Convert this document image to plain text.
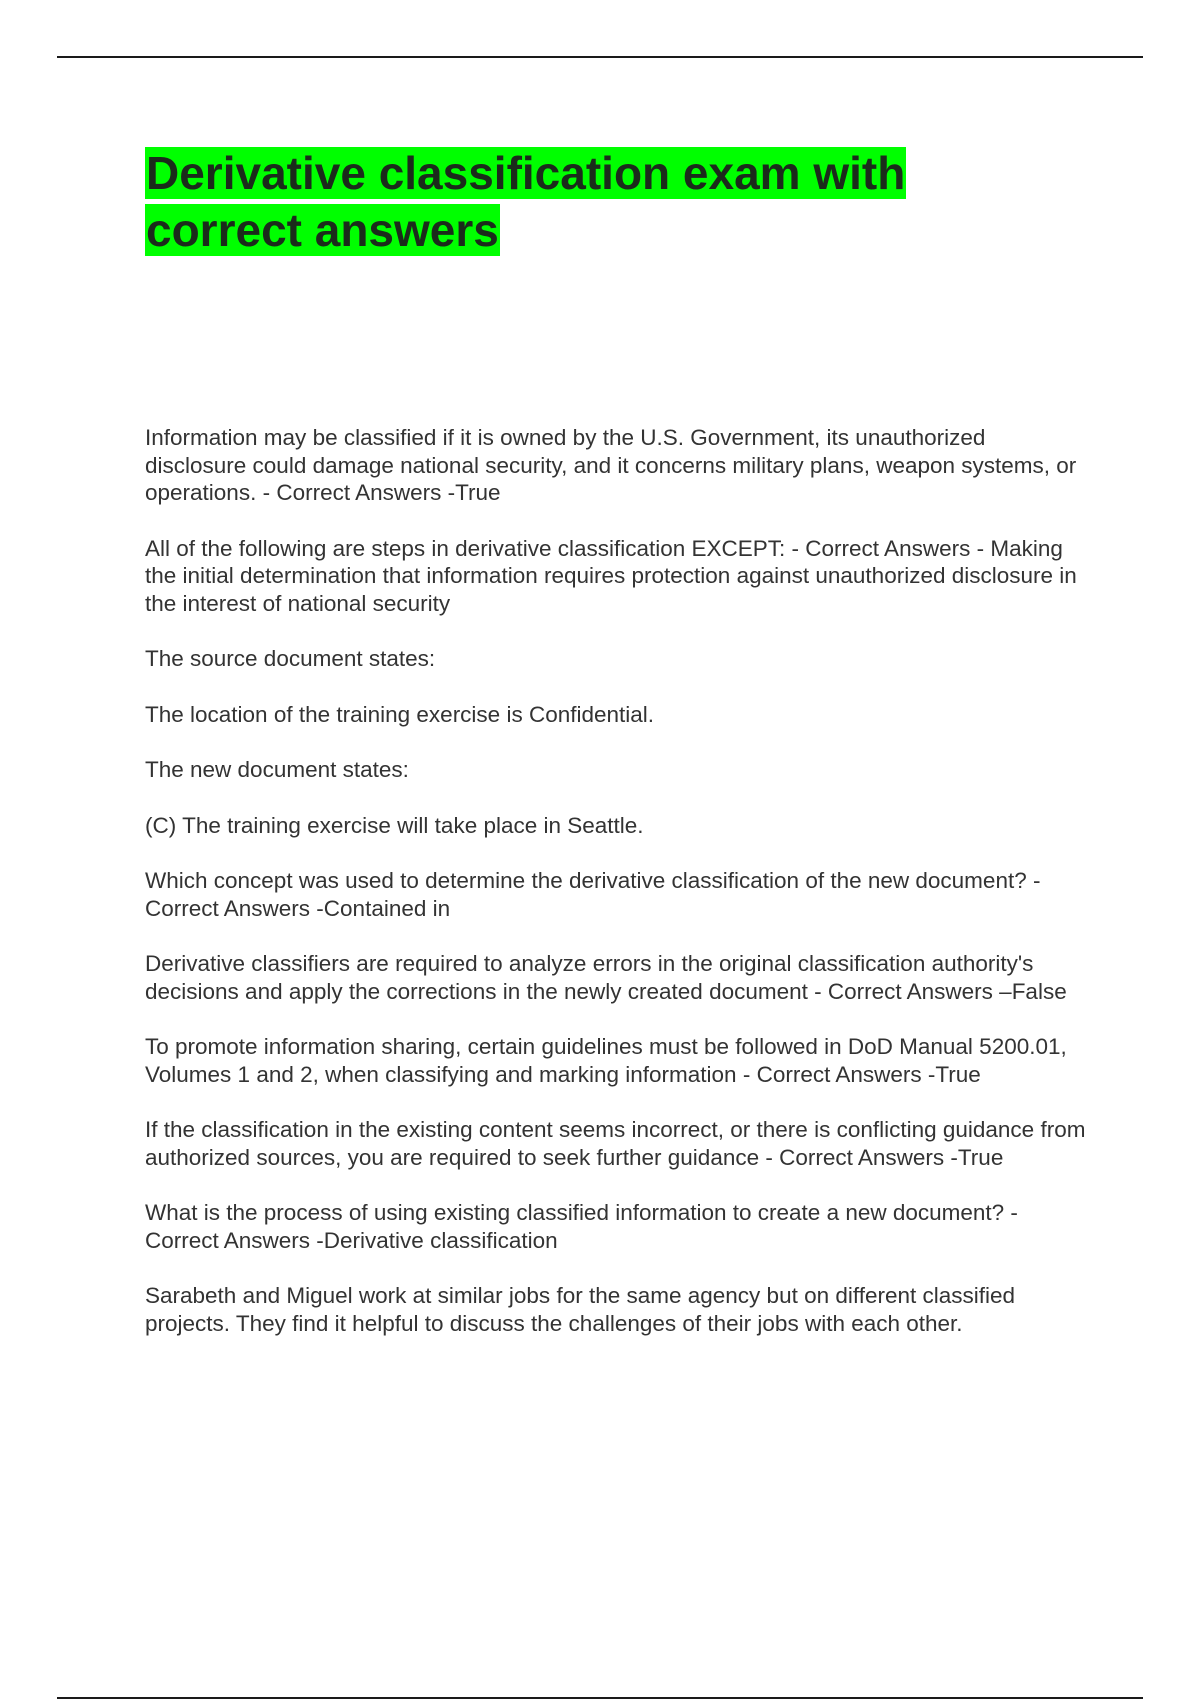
Derivative classification exam with correct answers

Information may be classified if it is owned by the U.S. Government, its unauthorized disclosure could damage national security, and it concerns military plans, weapon systems, or operations. - Correct Answers -True

All of the following are steps in derivative classification EXCEPT: - Correct Answers - Making the initial determination that information requires protection against unauthorized disclosure in the interest of national security

The source document states:

The location of the training exercise is Confidential.

The new document states:

(C) The training exercise will take place in Seattle.

Which concept was used to determine the derivative classification of the new document? - Correct Answers -Contained in

Derivative classifiers are required to analyze errors in the original classification authority's decisions and apply the corrections in the newly created document - Correct Answers –False

To promote information sharing, certain guidelines must be followed in DoD Manual 5200.01, Volumes 1 and 2, when classifying and marking information - Correct Answers -True

If the classification in the existing content seems incorrect, or there is conflicting guidance from authorized sources, you are required to seek further guidance - Correct Answers -True

What is the process of using existing classified information to create a new document? - Correct Answers -Derivative classification

Sarabeth and Miguel work at similar jobs for the same agency but on different classified projects. They find it helpful to discuss the challenges of their jobs with each other.
